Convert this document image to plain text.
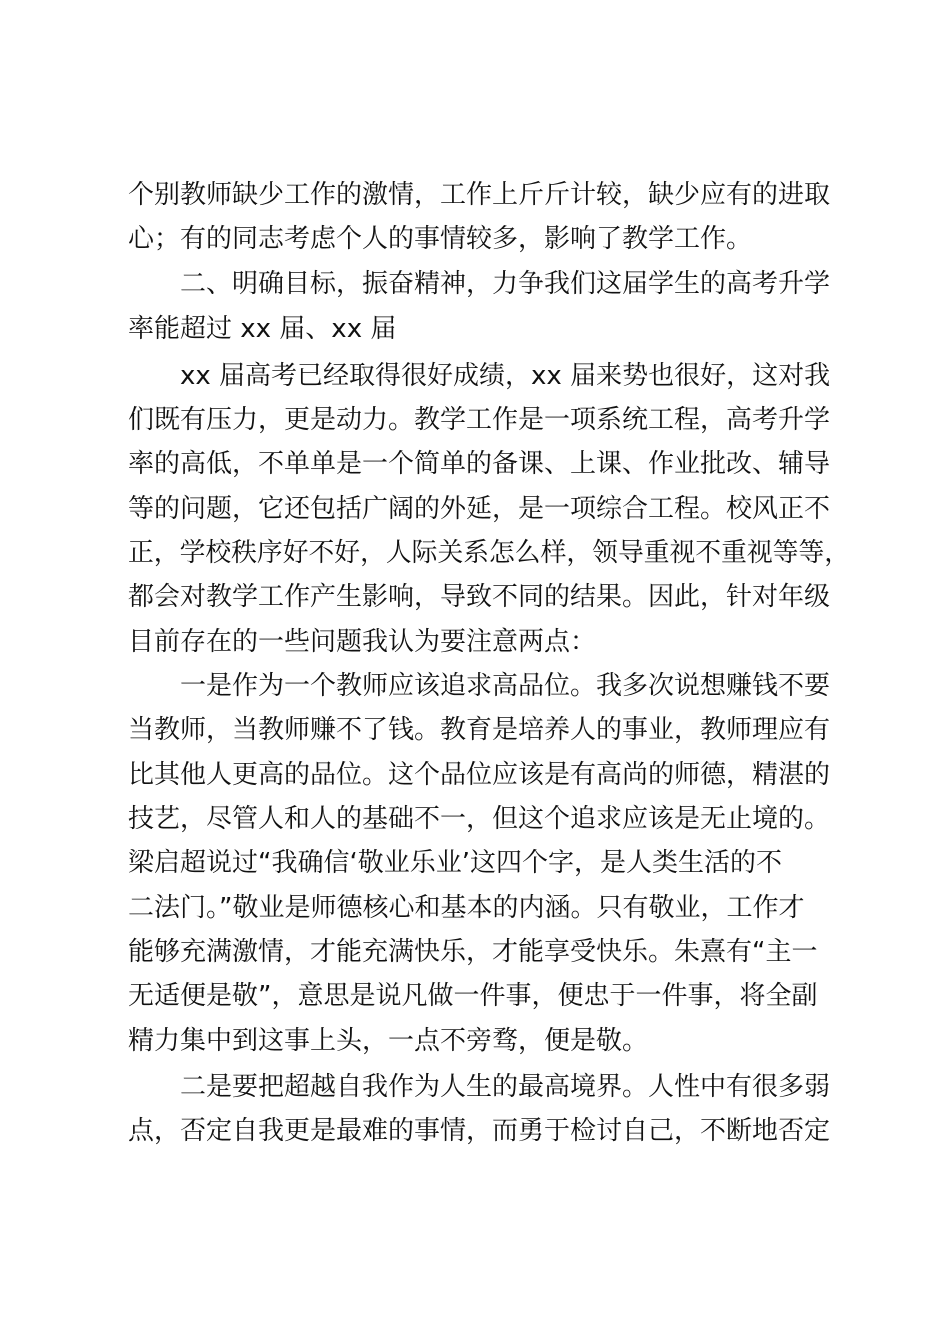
个别教师缺少工作的激情，工作上斤斤计较，缺少应有的进取
心；有的同志考虑个人的事情较多，影响了教学工作。
二、明确目标，振奋精神，力争我们这届学生的高考升学
率能超过 xx 届、xx 届
xx 届高考已经取得很好成绩，xx 届来势也很好，这对我
们既有压力，更是动力。教学工作是一项系统工程，高考升学
率的高低，不单单是一个简单的备课、上课、作业批改、辅导
等的问题，它还包括广阔的外延，是一项综合工程。校风正不
正，学校秩序好不好，人际关系怎么样，领导重视不重视等等，
都会对教学工作产生影响，导致不同的结果。因此，针对年级
目前存在的一些问题我认为要注意两点：
一是作为一个教师应该追求高品位。我多次说想赚钱不要
当教师，当教师赚不了钱。教育是培养人的事业，教师理应有
比其他人更高的品位。这个品位应该是有高尚的师德，精湛的
技艺，尽管人和人的基础不一，但这个追求应该是无止境的。
梁启超说过“我确信‘敬业乐业’这四个字，是人类生活的不
二法门。”敬业是师德核心和基本的内涵。只有敬业，工作才
能够充满激情，才能充满快乐，才能享受快乐。朱熹有“主一
无适便是敬”，意思是说凡做一件事，便忠于一件事，将全副
精力集中到这事上头，一点不旁骛，便是敬。
二是要把超越自我作为人生的最高境界。人性中有很多弱
点，否定自我更是最难的事情，而勇于检讨自己，不断地否定
